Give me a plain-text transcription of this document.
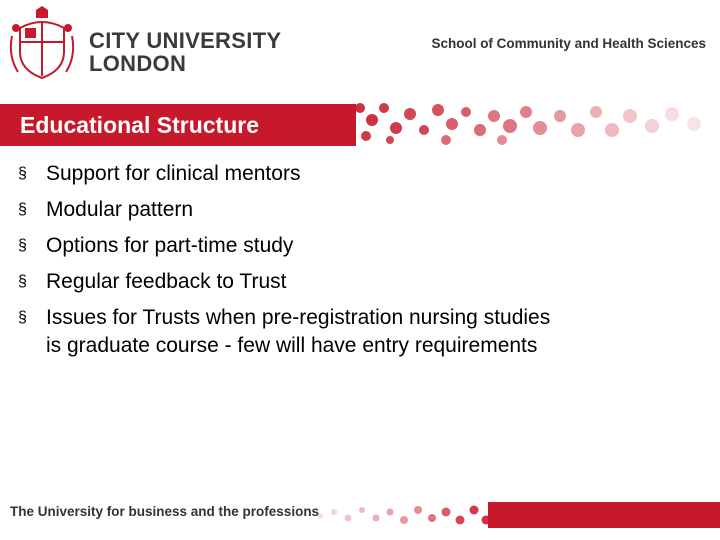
CITY UNIVERSITY
LONDON
School of Community and Health Sciences
Educational Structure
§ Support for clinical mentors
§ Modular pattern
§ Options for part-time study
§ Regular feedback to Trust
§ Issues for Trusts when pre-registration nursing studies
is graduate course - few will have entry requirements
The University for business and the professions
